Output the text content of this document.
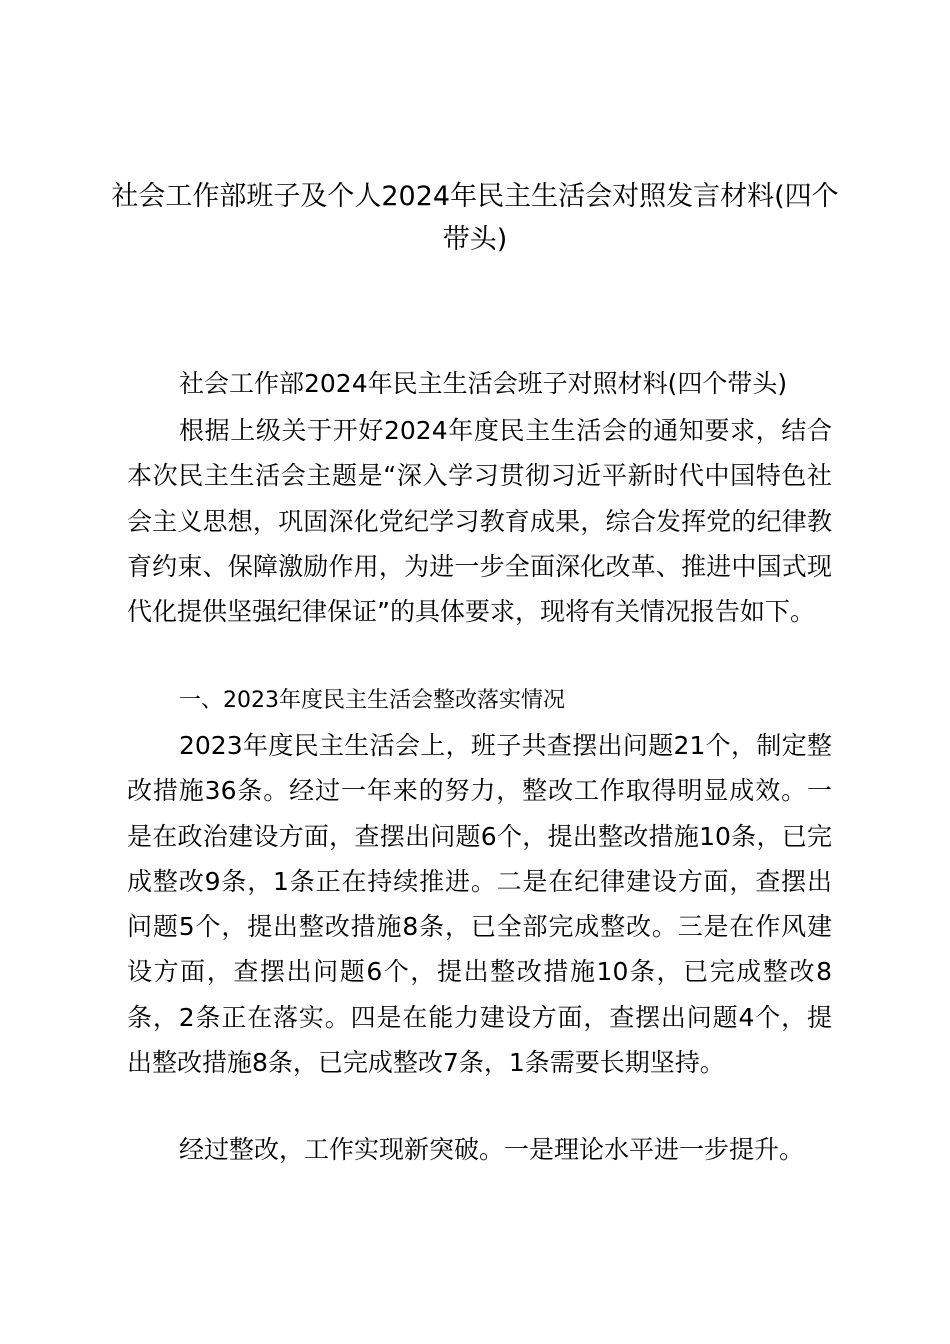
社会工作部班子及个人2024年民主生活会对照发言材料(四个带头)

社会工作部2024年民主生活会班子对照材料(四个带头)

根据上级关于开好2024年度民主生活会的通知要求，结合本次民主生活会主题是“深入学习贯彻习近平新时代中国特色社会主义思想，巩固深化党纪学习教育成果，综合发挥党的纪律教育约束、保障激励作用，为进一步全面深化改革、推进中国式现代化提供坚强纪律保证”的具体要求，现将有关情况报告如下。

一、2023年度民主生活会整改落实情况

2023年度民主生活会上，班子共查摆出问题21个，制定整改措施36条。经过一年来的努力，整改工作取得明显成效。一是在政治建设方面，查摆出问题6个，提出整改措施10条，已完成整改9条，1条正在持续推进。二是在纪律建设方面，查摆出问题5个，提出整改措施8条，已全部完成整改。三是在作风建设方面，查摆出问题6个，提出整改措施10条，已完成整改8条，2条正在落实。四是在能力建设方面，查摆出问题4个，提出整改措施8条，已完成整改7条，1条需要长期坚持。

经过整改，工作实现新突破。一是理论水平进一步提升。
